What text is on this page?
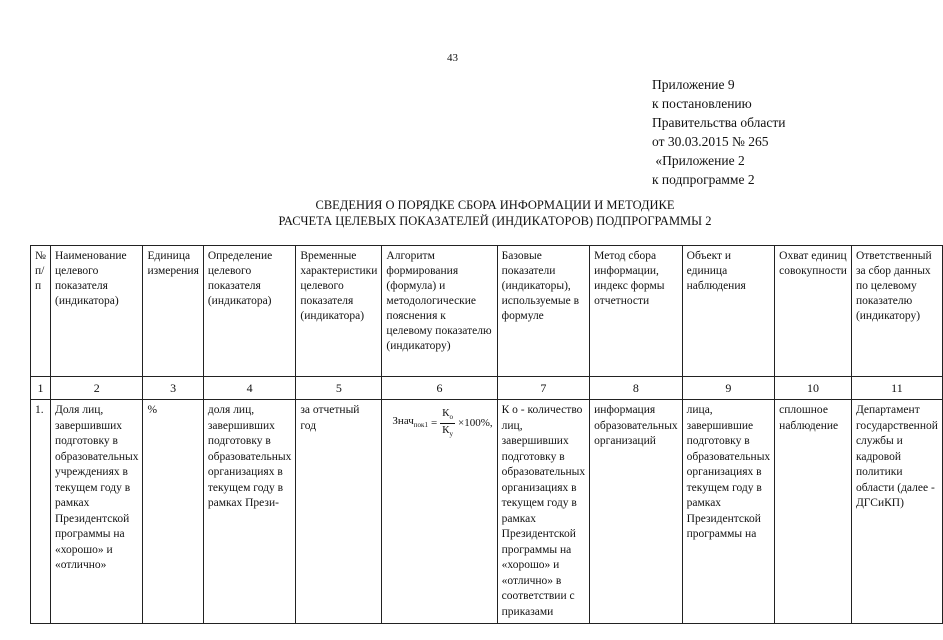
43
Приложение 9
к постановлению
Правительства области
от 30.03.2015 № 265
«Приложение 2
к подпрограмме 2
СВЕДЕНИЯ О ПОРЯДКЕ СБОРА ИНФОРМАЦИИ И МЕТОДИКЕ
РАСЧЕТА ЦЕЛЕВЫХ ПОКАЗАТЕЛЕЙ (ИНДИКАТОРОВ) ПОДПРОГРАММЫ 2
№ п/п	Наименование целевого показателя (индикатора)	Единица измерения	Определение целевого показателя (индикатора)	Временные характеристики целевого показателя (индикатора)	Алгоритм формирования (формула) и методологические пояснения к целевому показателю (индикатору)	Базовые показатели (индикаторы), используемые в формуле	Метод сбора информации, индекс формы отчетности	Объект и единица наблюдения	Охват единиц совокупности	Ответственный за сбор данных по целевому показателю (индикатору)
1	2	3	4	5	6	7	8	9	10	11
1.	Доля лиц, завершивших подготовку в образовательных учреждениях в текущем году в рамках Президентской программы на «хорошо» и «отлично»	%	доля лиц, завершивших подготовку в образовательных организациях в текущем году в рамках Прези-	за отчетный год	Знач$_{пок1}$ = $\frac{К_о}{К_у} \times 100\%$,	К о - количество лиц, завершивших подготовку в образовательных организациях в текущем году в рамках Президентской программы на «хорошо» и «отлично» в соответствии с приказами	информация образовательных организаций	лица, завершившие подготовку в образовательных организациях в текущем году в рамках Президентской программы на	сплошное наблюдение	Департамент государственной службы и кадровой политики области (далее - ДГСиКП)
